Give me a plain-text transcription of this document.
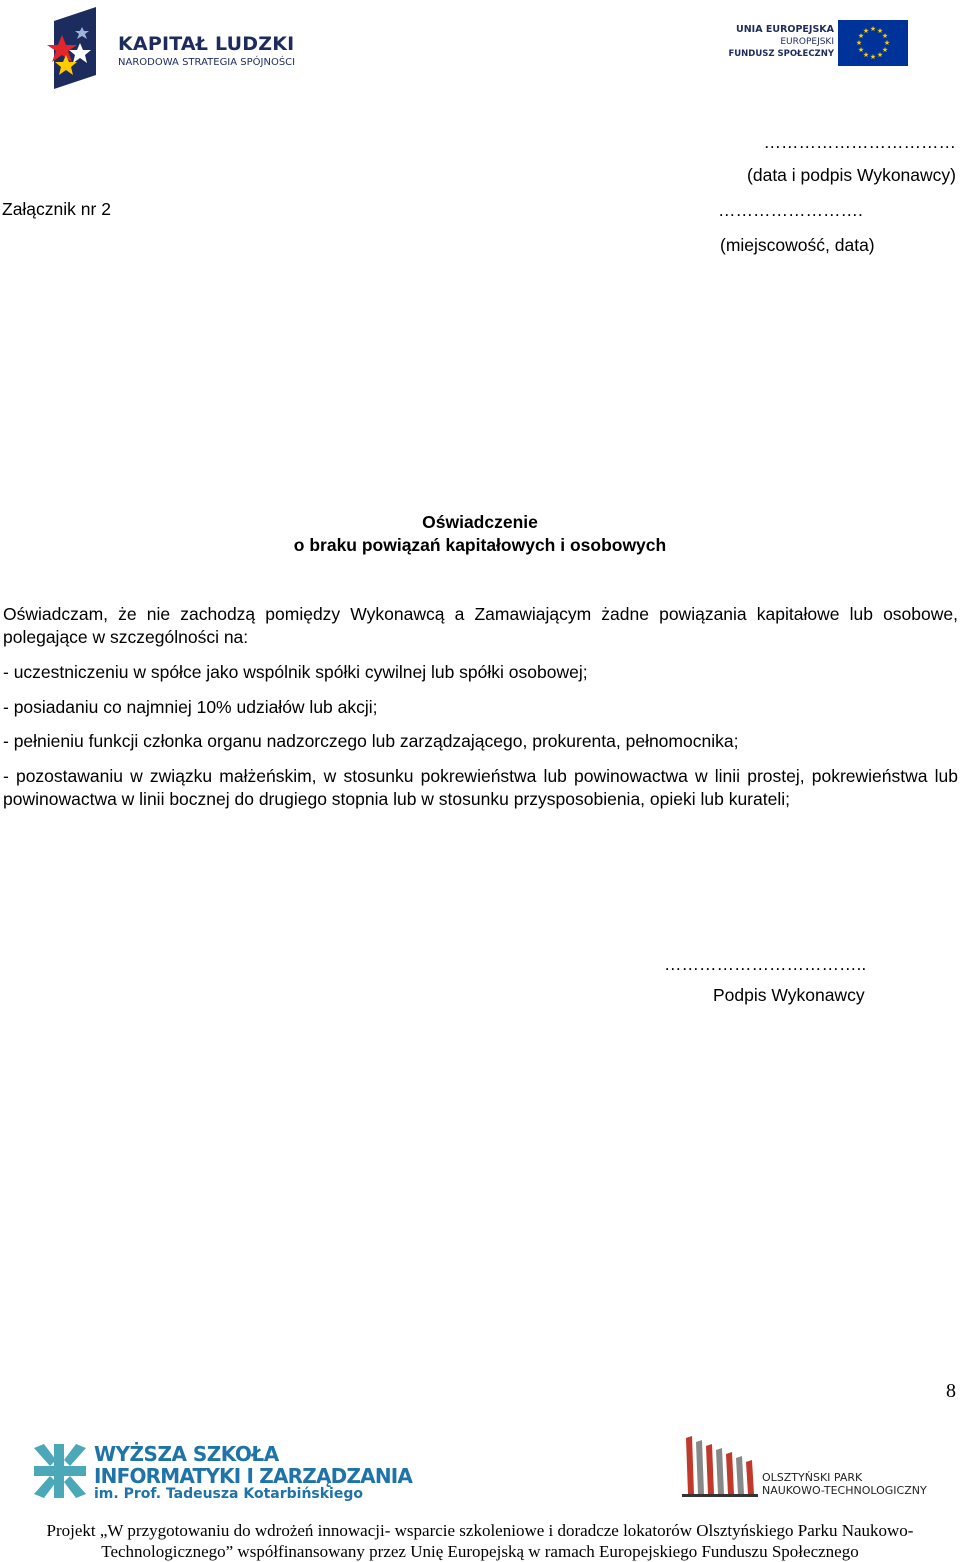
KAPITAŁ LUDZKI
NARODOWA STRATEGIA SPÓJNOŚCI
UNIA EUROPEJSKA
EUROPEJSKI
FUNDUSZ SPOŁECZNY
★ ★
★
★
★
★
★
★
★
★
★
★
……………………………
(data i podpis Wykonawcy)
Załącznik nr 2	…………………….
(miejscowość, data)
Oświadczenie
o braku powiązań kapitałowych i osobowych
Oświadczam, że nie zachodzą pomiędzy Wykonawcą a Zamawiającym żadne powiązania kapitałowe lub osobowe, polegające w szczególności na:
- uczestniczeniu w spółce jako wspólnik spółki cywilnej lub spółki osobowej;
- posiadaniu co najmniej 10% udziałów lub akcji;
- pełnieniu funkcji członka organu nadzorczego lub zarządzającego, prokurenta, pełnomocnika;
- pozostawaniu w związku małżeńskim, w stosunku pokrewieństwa lub powinowactwa w linii prostej, pokrewieństwa lub powinowactwa w linii bocznej do drugiego stopnia lub w stosunku przysposobienia, opieki lub kurateli;
……………………………..
Podpis Wykonawcy
8
WYŻSZA SZKOŁA
INFORMATYKI I ZARZĄDZANIA
im. Prof. Tadeusza Kotarbińskiego
OLSZTYŃSKI PARK
NAUKOWO-TECHNOLOGICZNY
Projekt „W przygotowaniu do wdrożeń innowacji- wsparcie szkoleniowe i doradcze lokatorów Olsztyńskiego Parku Naukowo-
Technologicznego” współfinansowany przez Unię Europejską w ramach Europejskiego Funduszu Społecznego
